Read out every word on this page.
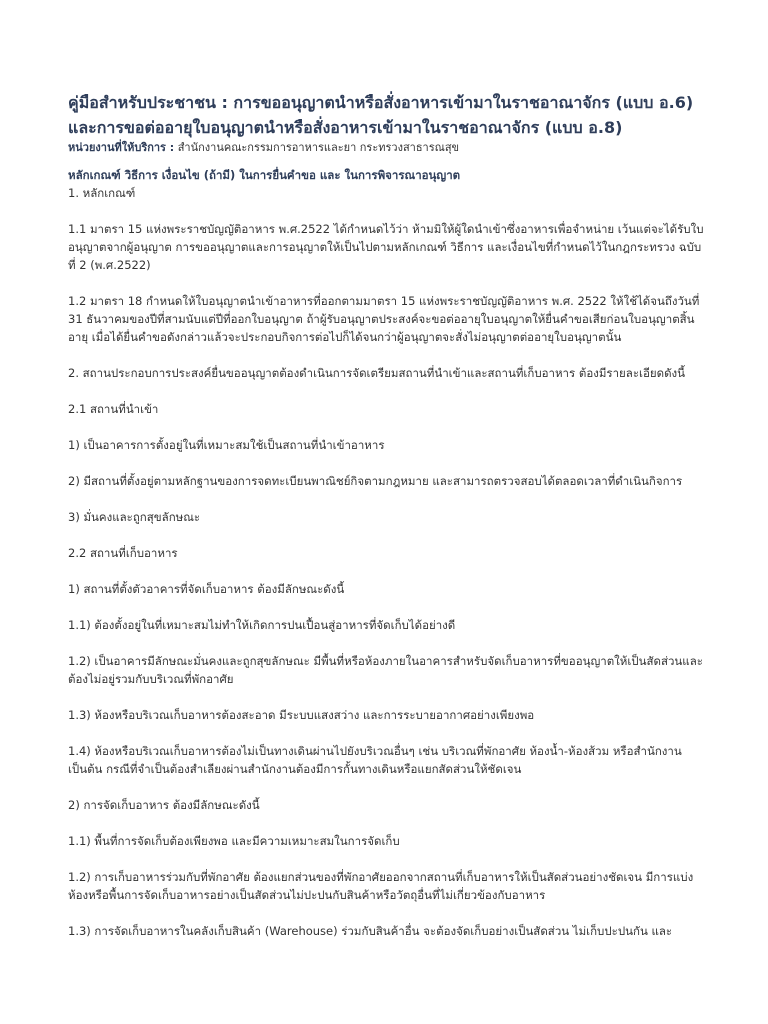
คู่มือสำหรับประชาชน : การขออนุญาตนำหรือสั่งอาหารเข้ามาในราชอาณาจักร (แบบ อ.6) และการขอต่ออายุใบอนุญาตนำหรือสั่งอาหารเข้ามาในราชอาณาจักร (แบบ อ.8)
หน่วยงานที่ให้บริการ : สำนักงานคณะกรรมการอาหารและยา กระทรวงสาธารณสุข

หลักเกณฑ์ วิธีการ เงื่อนไข (ถ้ามี) ในการยื่นคำขอ และ ในการพิจารณาอนุญาต

1. หลักเกณฑ์

1.1 มาตรา 15 แห่งพระราชบัญญัติอาหาร พ.ศ.2522 ได้กำหนดไว้ว่า ห้ามมิให้ผู้ใดนำเข้าซึ่งอาหารเพื่อจำหน่าย เว้นแต่จะได้รับใบอนุญาตจากผู้อนุญาต การขออนุญาตและการอนุญาตให้เป็นไปตามหลักเกณฑ์ วิธีการ และเงื่อนไขที่กำหนดไว้ในกฎกระทรวง ฉบับที่ 2 (พ.ศ.2522)

1.2 มาตรา 18 กำหนดให้ใบอนุญาตนำเข้าอาหารที่ออกตามมาตรา 15 แห่งพระราชบัญญัติอาหาร พ.ศ. 2522 ให้ใช้ได้จนถึงวันที่ 31 ธันวาคมของปีที่สามนับแต่ปีที่ออกใบอนุญาต ถ้าผู้รับอนุญาตประสงค์จะขอต่ออายุใบอนุญาตให้ยื่นคำขอเสียก่อนใบอนุญาตสิ้นอายุ เมื่อได้ยื่นคำขอดังกล่าวแล้วจะประกอบกิจการต่อไปก็ได้จนกว่าผู้อนุญาตจะสั่งไม่อนุญาตต่ออายุใบอนุญาตนั้น

2. สถานประกอบการประสงค์ยื่นขออนุญาตต้องดำเนินการจัดเตรียมสถานที่นำเข้าและสถานที่เก็บอาหาร ต้องมีรายละเอียดดังนี้

2.1 สถานที่นำเข้า

1) เป็นอาคารการตั้งอยู่ในที่เหมาะสมใช้เป็นสถานที่นำเข้าอาหาร

2) มีสถานที่ตั้งอยู่ตามหลักฐานของการจดทะเบียนพาณิชย์กิจตามกฎหมาย และสามารถตรวจสอบได้ตลอดเวลาที่ดำเนินกิจการ

3) มั่นคงและถูกสุขลักษณะ

2.2 สถานที่เก็บอาหาร

1) สถานที่ตั้งตัวอาคารที่จัดเก็บอาหาร ต้องมีลักษณะดังนี้

1.1) ต้องตั้งอยู่ในที่เหมาะสมไม่ทำให้เกิดการปนเปื้อนสู่อาหารที่จัดเก็บได้อย่างดี

1.2) เป็นอาคารมีลักษณะมั่นคงและถูกสุขลักษณะ มีพื้นที่หรือห้องภายในอาคารสำหรับจัดเก็บอาหารที่ขออนุญาตให้เป็นสัดส่วนและต้องไม่อยู่รวมกับบริเวณที่พักอาศัย

1.3) ห้องหรือบริเวณเก็บอาหารต้องสะอาด มีระบบแสงสว่าง และการระบายอากาศอย่างเพียงพอ

1.4) ห้องหรือบริเวณเก็บอาหารต้องไม่เป็นทางเดินผ่านไปยังบริเวณอื่นๆ เช่น บริเวณที่พักอาศัย ห้องน้ำ-ห้องส้วม หรือสำนักงาน เป็นต้น กรณีที่จำเป็นต้องสำเลียงผ่านสำนักงานต้องมีการกั้นทางเดินหรือแยกสัดส่วนให้ชัดเจน

2) การจัดเก็บอาหาร ต้องมีลักษณะดังนี้

1.1) พื้นที่การจัดเก็บต้องเพียงพอ และมีความเหมาะสมในการจัดเก็บ

1.2) การเก็บอาหารร่วมกับที่พักอาศัย ต้องแยกส่วนของที่พักอาศัยออกจากสถานที่เก็บอาหารให้เป็นสัดส่วนอย่างชัดเจน มีการแบ่งห้องหรือพื้นการจัดเก็บอาหารอย่างเป็นสัดส่วนไม่ปะปนกับสินค้าหรือวัตถุอื่นที่ไม่เกี่ยวข้องกับอาหาร

1.3) การจัดเก็บอาหารในคลังเก็บสินค้า (Warehouse) ร่วมกับสินค้าอื่น จะต้องจัดเก็บอย่างเป็นสัดส่วน ไม่เก็บปะปนกัน และ
